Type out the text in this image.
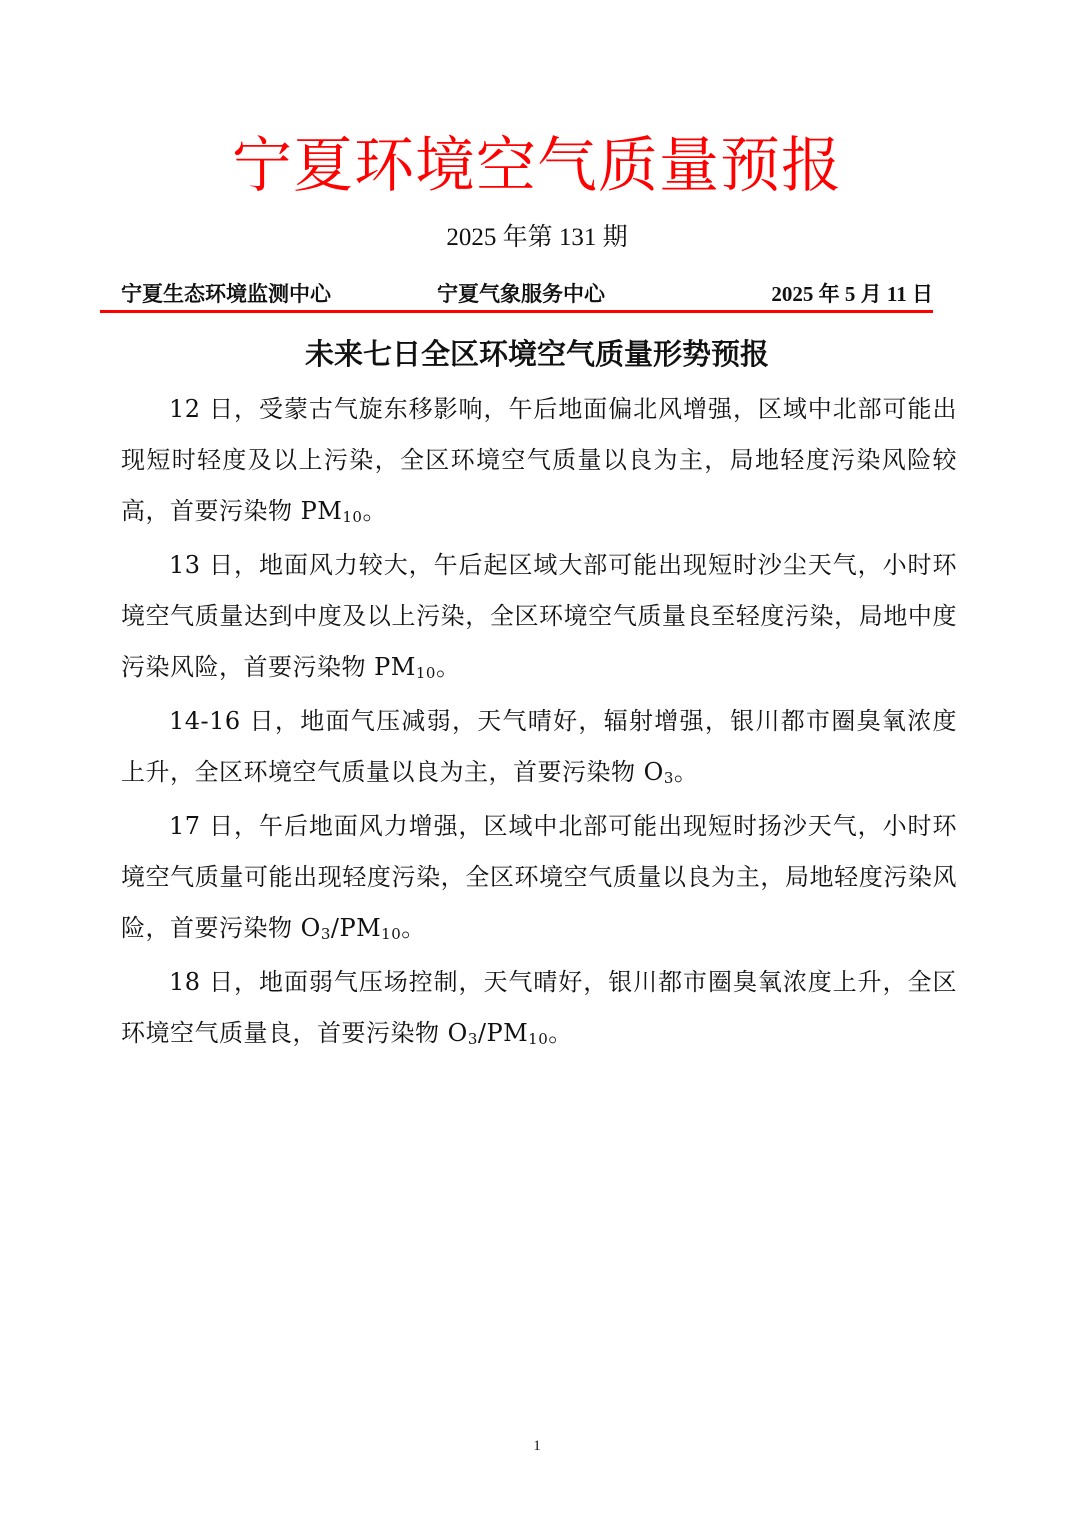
宁夏环境空气质量预报
2025 年第 131 期
宁夏生态环境监测中心	宁夏气象服务中心	2025 年 5 月 11 日
未来七日全区环境空气质量形势预报

12 日，受蒙古气旋东移影响，午后地面偏北风增强，区域中北部可能出现短时轻度及以上污染，全区环境空气质量以良为主，局地轻度污染风险较高，首要污染物 $PM_{10}$。

13 日，地面风力较大，午后起区域大部可能出现短时沙尘天气，小时环境空气质量达到中度及以上污染，全区环境空气质量良至轻度污染，局地中度污染风险，首要污染物 $PM_{10}$。

14-16 日，地面气压减弱，天气晴好，辐射增强，银川都市圈臭氧浓度上升，全区环境空气质量以良为主，首要污染物 $O_3$。

17 日，午后地面风力增强，区域中北部可能出现短时扬沙天气，小时环境空气质量可能出现轻度污染，全区环境空气质量以良为主，局地轻度污染风险，首要污染物 $O_3/PM_{10}$。

18 日，地面弱气压场控制，天气晴好，银川都市圈臭氧浓度上升，全区环境空气质量良，首要污染物 $O_3/PM_{10}$。

1
